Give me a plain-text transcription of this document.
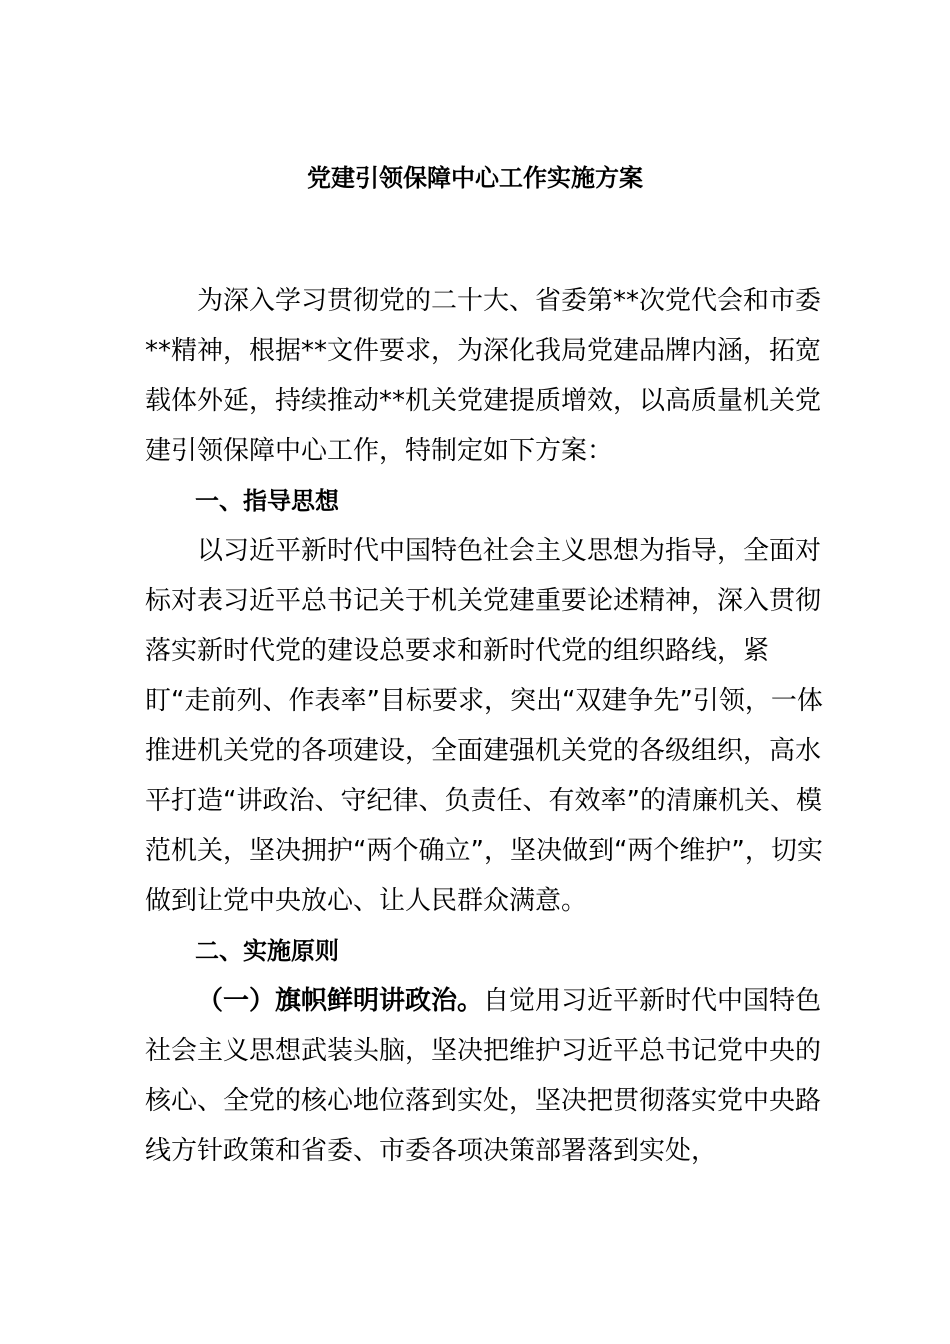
党建引领保障中心工作实施方案

为深入学习贯彻党的二十大、省委第**次党代会和市委**精神，根据**文件要求，为深化我局党建品牌内涵，拓宽载体外延，持续推动**机关党建提质增效，以高质量机关党建引领保障中心工作，特制定如下方案：

一、指导思想

以习近平新时代中国特色社会主义思想为指导，全面对标对表习近平总书记关于机关党建重要论述精神，深入贯彻落实新时代党的建设总要求和新时代党的组织路线，紧盯“走前列、作表率”目标要求，突出“双建争先”引领，一体推进机关党的各项建设，全面建强机关党的各级组织，高水平打造“讲政治、守纪律、负责任、有效率”的清廉机关、模范机关，坚决拥护“两个确立”，坚决做到“两个维护”，切实做到让党中央放心、让人民群众满意。

二、实施原则

（一）旗帜鲜明讲政治。自觉用习近平新时代中国特色社会主义思想武装头脑，坚决把维护习近平总书记党中央的核心、全党的核心地位落到实处，坚决把贯彻落实党中央路线方针政策和省委、市委各项决策部署落到实处，
